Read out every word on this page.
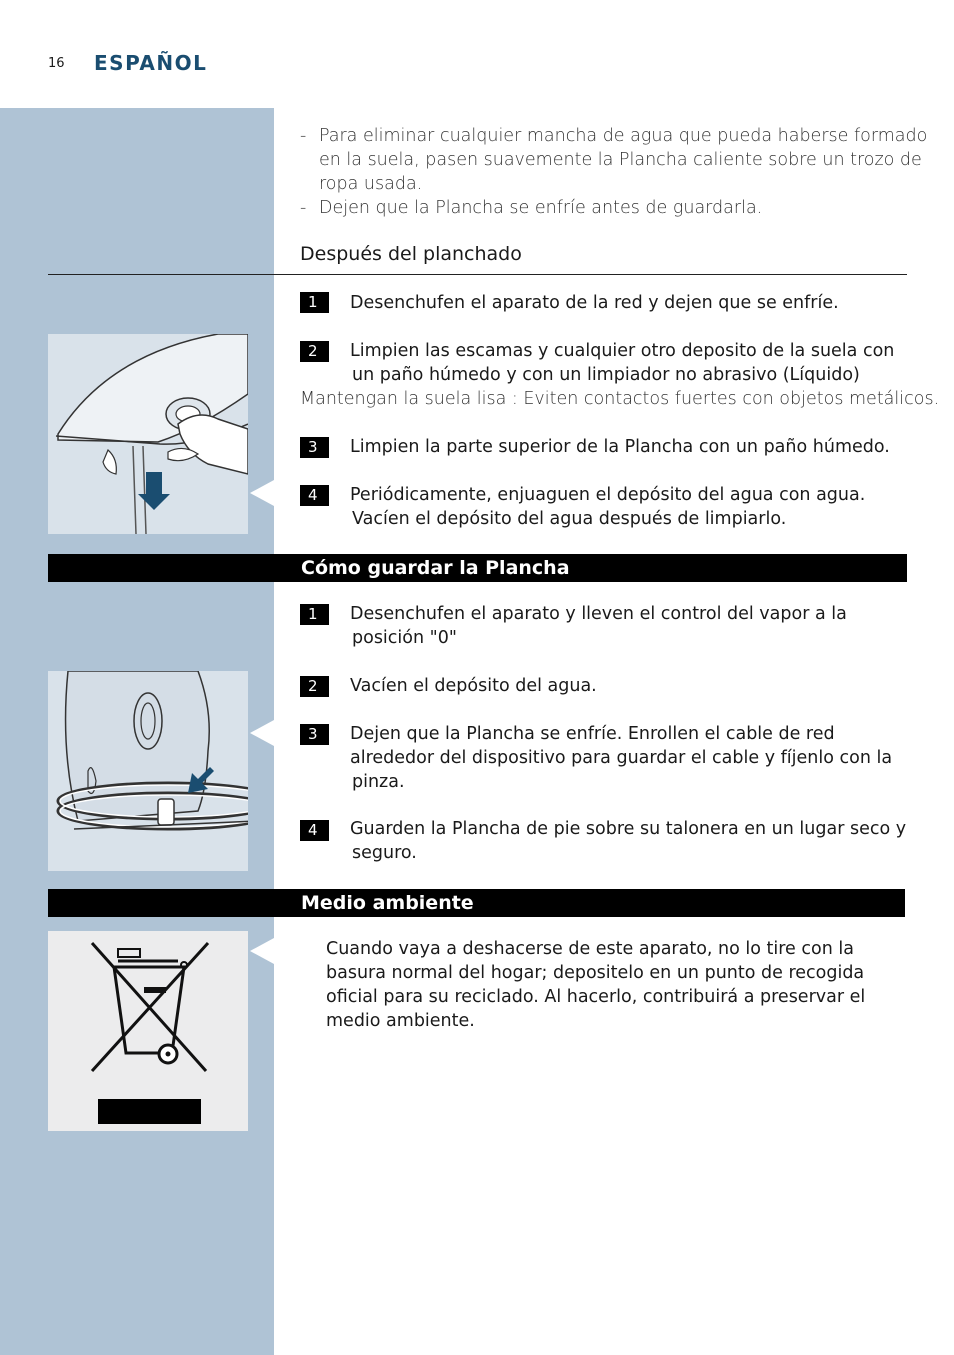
16 ESPAÑOL
- Para eliminar cualquier mancha de agua que pueda haberse formado
en la suela, pasen suavemente la Plancha caliente sobre un trozo de
ropa usada.
- Dejen que la Plancha se enfríe antes de guardarla.
Después del planchado
1	Desenchufen el aparato de la red y dejen que se enfríe.
2	Limpien las escamas y cualquier otro deposito de la suela con
un paño húmedo y con un limpiador no abrasivo (Líquido)
Mantengan la suela lisa : Eviten contactos fuertes con objetos metálicos.
3	Limpien la parte superior de la Plancha con un paño húmedo.
4	Periódicamente, enjuaguen el depósito del agua con agua.
Vacíen el depósito del agua después de limpiarlo.
Cómo guardar la Plancha
1	Desenchufen el aparato y lleven el control del vapor a la
posición "0"
2	Vacíen el depósito del agua.
3	Dejen que la Plancha se enfríe. Enrollen el cable de red
alrededor del dispositivo para guardar el cable y fíjenlo con la
pinza.
4	Guarden la Plancha de pie sobre su talonera en un lugar seco y
seguro.
Medio ambiente
Cuando vaya a deshacerse de este aparato, no lo tire con la
basura normal del hogar; depositelo en un punto de recogida
oficial para su reciclado. Al hacerlo, contribuirá a preservar el
medio ambiente.
